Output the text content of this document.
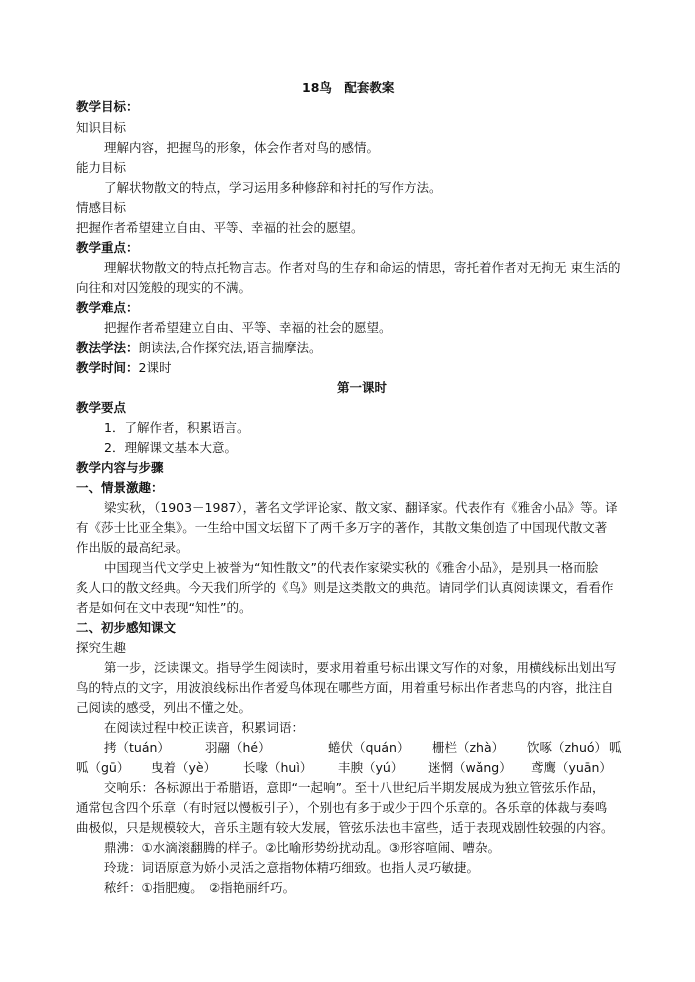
18鸟　配套教案
教学目标：
知识目标
理解内容，把握鸟的形象，体会作者对鸟的感情。
能力目标
了解状物散文的特点，学习运用多种修辞和衬托的写作方法。
情感目标
把握作者希望建立自由、平等、幸福的社会的愿望。
教学重点：
理解状物散文的特点托物言志。作者对鸟的生存和命运的情思，寄托着作者对无拘无 束生活的
向往和对囚笼般的现实的不满。
教学难点：
把握作者希望建立自由、平等、幸福的社会的愿望。
教法学法：朗读法,合作探究法,语言揣摩法。
教学时间：2课时
第一课时
教学要点
1．了解作者，积累语言。
2．理解课文基本大意。
教学内容与步骤
一、情景激趣：
梁实秋，（1903－1987），著名文学评论家、散文家、翻译家。代表作有《雅舍小品》等。译
有《莎士比亚全集》。一生给中国文坛留下了两千多万字的著作，其散文集创造了中国现代散文著
作出版的最高纪录。
中国现当代文学史上被誉为“知性散文”的代表作家梁实秋的《雅舍小品》，是别具一格而脍
炙人口的散文经典。今天我们所学的《鸟》则是这类散文的典范。请同学们认真阅读课文，看看作
者是如何在文中表现“知性”的。
二、初步感知课文
探究生趣
第一步，泛读课文。指导学生阅读时，要求用着重号标出课文写作的对象，用横线标出划出写
鸟的特点的文字，用波浪线标出作者爱鸟体现在哪些方面，用着重号标出作者悲鸟的内容，批注自
己阅读的感受，列出不懂之处。
在阅读过程中校正读音，积累词语：
拷（tuán）	羽翮（hé）	蜷伏（quán） 栅栏（zhà） 饮啄（zhuó） 呱
呱（gū） 曳着（yè） 长喙（huì） 丰腴（yú） 迷惘（wǎng） 鸢鹰（yuān）
交响乐：各标源出于希腊语，意即“一起响”。至十八世纪后半期发展成为独立管弦乐作品，
通常包含四个乐章（有时冠以慢板引子），个别也有多于或少于四个乐章的。各乐章的体裁与奏鸣
曲极似，只是规模较大，音乐主题有较大发展，管弦乐法也丰富些，适于表现戏剧性较强的内容。
鼎沸：①水滴滚翻腾的样子。②比喻形势纷扰动乱。③形容喧闹、嘈杂。
玲珑：词语原意为娇小灵活之意指物体精巧细致。也指人灵巧敏捷。
秾纤：①指肥瘦。　②指艳丽纤巧。
